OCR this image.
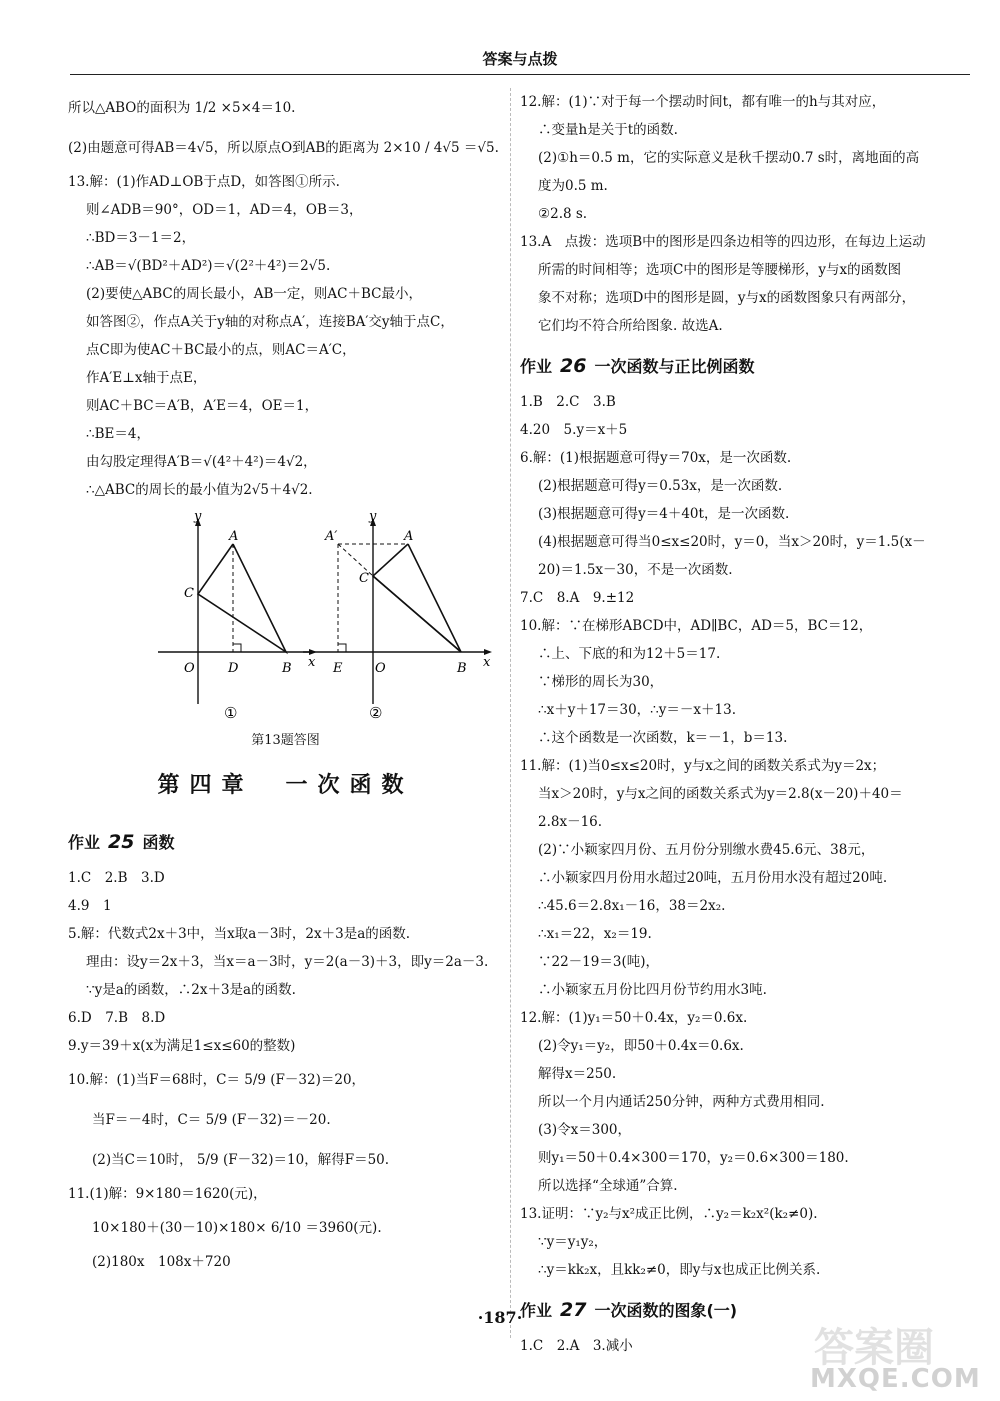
答案与点拨
所以△ABO的面积为 1/2 ×5×4＝10.
(2)由题意可得AB＝4√5，所以原点O到AB的距离为 2×10 / 4√5 ＝√5.
13.解：(1)作AD⊥OB于点D，如答图①所示.
则∠ADB＝90°，OD＝1，AD＝4，OB＝3，
∴BD＝3－1＝2，
∴AB＝√(BD²＋AD²)＝√(2²＋4²)＝2√5.
(2)要使△ABC的周长最小，AB一定，则AC＋BC最小，
如答图②，作点A关于y轴的对称点A′，连接BA′交y轴于点C，
点C即为使AC＋BC最小的点，则AC＝A′C，
作A′E⊥x轴于点E，
则AC＋BC＝A′B，A′E＝4，OE＝1，
∴BE＝4，
由勾股定理得A′B＝√(4²＋4²)＝4√2，
∴△ABC的周长的最小值为2√5＋4√2.
y
A
C
O	D	B x
①
y
A′	A
C
E	O	B x
②
第13题答图
第四章　一次函数
作业 25 函数
1.C　2.B　3.D
4.9　1
5.解：代数式2x＋3中，当x取a－3时，2x＋3是a的函数.
理由：设y＝2x＋3，当x＝a－3时，y＝2(a－3)＋3，即y＝2a－3.
∵y是a的函数，∴2x＋3是a的函数.
6.D　7.B　8.D
9.y＝39＋x(x为满足1≤x≤60的整数)
10.解：(1)当F＝68时，C＝ 5/9 (F－32)＝20，
当F＝－4时，C＝ 5/9 (F－32)＝－20.
(2)当C＝10时， 5/9 (F－32)＝10，解得F＝50.
11.(1)解：9×180＝1620(元)，
10×180＋(30－10)×180× 6/10 ＝3960(元).
(2)180x　108x＋720
12.解：(1)∵对于每一个摆动时间t，都有唯一的h与其对应，
∴变量h是关于t的函数.
(2)①h＝0.5 m，它的实际意义是秋千摆动0.7 s时，离地面的高
度为0.5 m.
②2.8 s.
13.A　点拨：选项B中的图形是四条边相等的四边形，在每边上运动
所需的时间相等；选项C中的图形是等腰梯形，y与x的函数图
象不对称；选项D中的图形是圆，y与x的函数图象只有两部分，
它们均不符合所给图象. 故选A.
作业 26 一次函数与正比例函数
1.B　2.C　3.B
4.20　5.y＝x＋5
6.解：(1)根据题意可得y＝70x，是一次函数.
(2)根据题意可得y＝0.53x，是一次函数.
(3)根据题意可得y＝4＋40t，是一次函数.
(4)根据题意可得当0≤x≤20时，y＝0，当x＞20时，y＝1.5(x－
20)＝1.5x－30，不是一次函数.
7.C　8.A　9.±12
10.解：∵在梯形ABCD中，AD∥BC，AD＝5，BC＝12，
∴上、下底的和为12＋5＝17.
∵梯形的周长为30，
∴x＋y＋17＝30，∴y＝－x＋13.
∴这个函数是一次函数，k＝－1，b＝13.
11.解：(1)当0≤x≤20时，y与x之间的函数关系式为y＝2x；
当x＞20时，y与x之间的函数关系式为y＝2.8(x－20)＋40＝
2.8x－16.
(2)∵小颖家四月份、五月份分别缴水费45.6元、38元，
∴小颖家四月份用水超过20吨，五月份用水没有超过20吨.
∴45.6＝2.8x₁－16，38＝2x₂.
∴x₁＝22，x₂＝19.
∵22－19＝3(吨)，
∴小颖家五月份比四月份节约用水3吨.
12.解：(1)y₁＝50＋0.4x，y₂＝0.6x.
(2)令y₁＝y₂，即50＋0.4x＝0.6x.
解得x＝250.
所以一个月内通话250分钟，两种方式费用相同.
(3)令x＝300，
则y₁＝50＋0.4×300＝170，y₂＝0.6×300＝180.
所以选择“全球通”合算.
13.证明：∵y₂与x²成正比例，∴y₂＝k₂x²(k₂≠0).
∵y＝y₁y₂，
∴y＝kk₂x，且kk₂≠0，即y与x也成正比例关系.
作业 27 一次函数的图象(一)
1.C　2.A　3.减小
·187·
答案圈
MXQE.COM
